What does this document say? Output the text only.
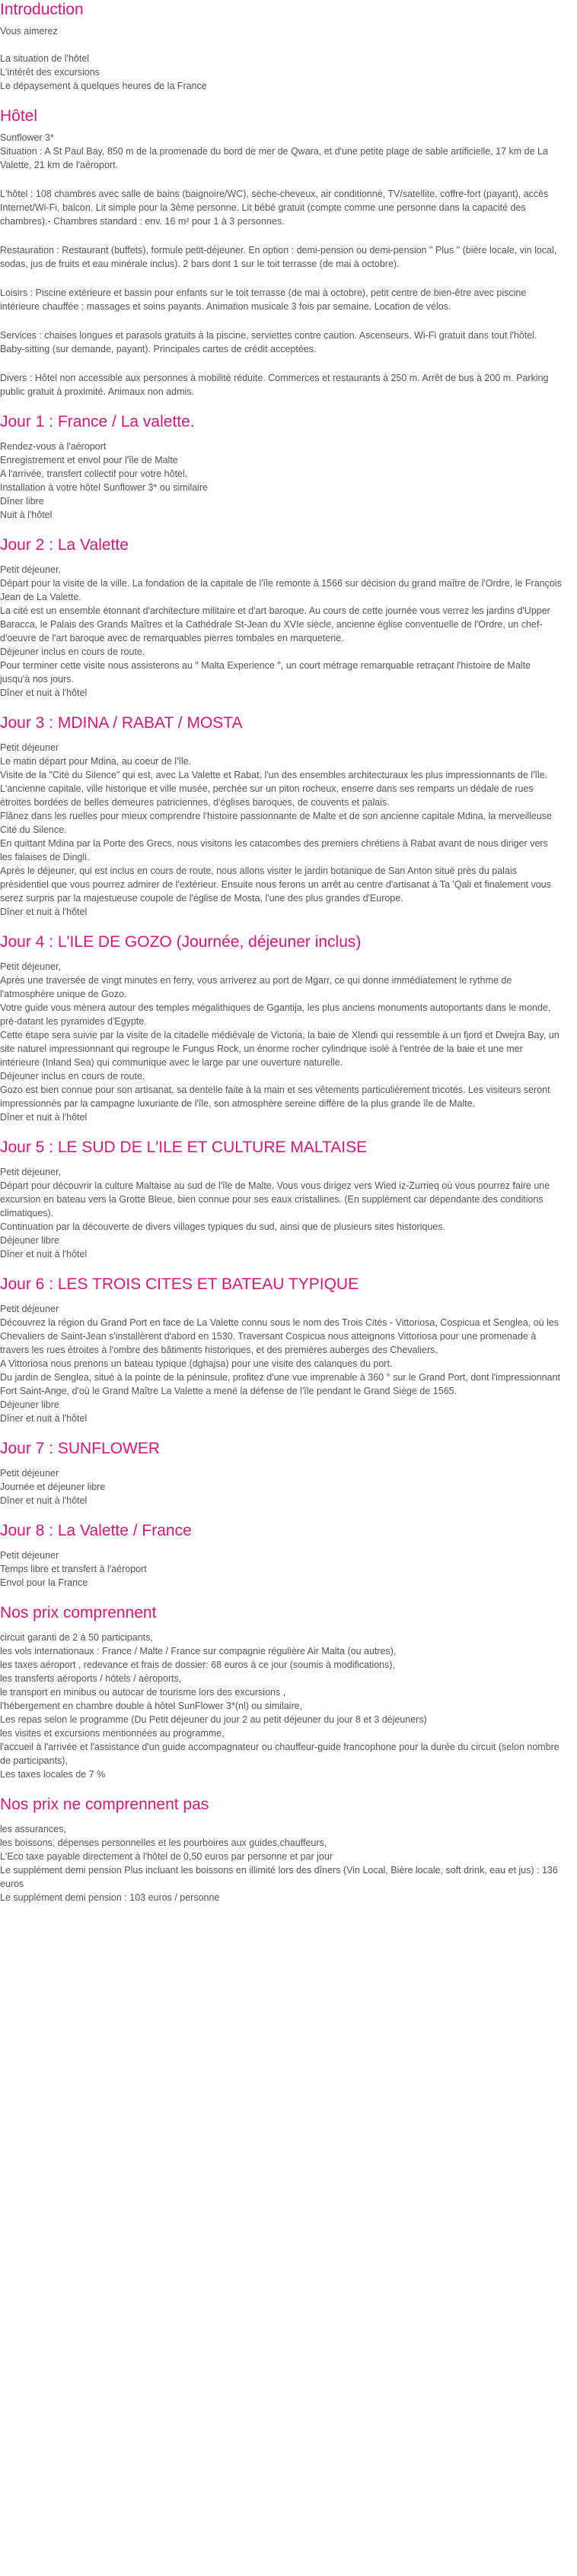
Introduction
Vous aimerez
La situation de l'hôtel
L'intérêt des excursions
Le dépaysement à quelques heures de la France
Hôtel

Sunflower 3*

Situation : A St Paul Bay, 850 m de la promenade du bord de mer de Qwara, et d'une petite plage de sable artificielle, 17 km de La Valette, 21 km de l'aéroport.

L'hôtel : 108 chambres avec salle de bains (baignoire/WC), sèche-cheveux, air conditionné, TV/satellite, coffre-fort (payant), accès Internet/Wi-Fi, balcon. Lit simple pour la 3ème personne. Lit bébé gratuit (compte comme une personne dans la capacité des chambres).- Chambres standard : env. 16 m² pour 1 à 3 personnes.

Restauration : Restaurant (buffets), formule petit-déjeuner. En option : demi-pension ou demi-pension " Plus " (bière locale, vin local, sodas, jus de fruits et eau minérale inclus). 2 bars dont 1 sur le toit terrasse (de mai à octobre).

Loisirs : Piscine extérieure et bassin pour enfants sur le toit terrasse (de mai à octobre), petit centre de bien-être avec piscine intérieure chauffée ; massages et soins payants. Animation musicale 3 fois par semaine. Location de vélos.

Services : chaises longues et parasols gratuits à la piscine, serviettes contre caution. Ascenseurs. Wi-Fi gratuit dans tout l'hôtel. Baby-sitting (sur demande, payant). Principales cartes de crédit acceptées.

Divers : Hôtel non accessible aux personnes à mobilité réduite. Commerces et restaurants à 250 m. Arrêt de bus à 200 m. Parking public gratuit à proximité. Animaux non admis.

Jour 1 : France / La valette.
Rendez-vous à l'aéroport
Enregistrement et envol pour l'île de Malte
A l'arrivée, transfert collectif pour votre hôtel.
Installation à votre hôtel Sunflower 3* ou similaire
Dîner libre
Nuit à l'hôtel
Jour 2 : La Valette
Petit déjeuner.
Départ pour la visite de la ville. La fondation de la capitale de l'île remonte à 1566 sur décision du grand maître de l'Ordre, le François Jean de La Valette.
La cité est un ensemble étonnant d'architecture militaire et d'art baroque. Au cours de cette journée vous verrez les jardins d'Upper Baracca, le Palais des Grands Maîtres et la Cathédrale St-Jean du XVIe siècle, ancienne église conventuelle de l'Ordre, un chef-d'oeuvre de l'art baroque avec de remarquables pierres tombales en marqueterie.
Déjeuner inclus en cours de route.
Pour terminer cette visite nous assisterons au " Malta Experience ", un court métrage remarquable retraçant l'histoire de Malte jusqu'à nos jours.
Dîner et nuit à l'hôtel
Jour 3 : MDINA / RABAT / MOSTA
Petit déjeuner
Le matin départ pour Mdina, au coeur de l'île.
Visite de la "Cité du Silence" qui est, avec La Valette et Rabat, l'un des ensembles architecturaux les plus impressionnants de l'île. L'ancienne capitale, ville historique et ville musée, perchée sur un piton rocheux, enserre dans ses remparts un dédale de rues étroites bordées de belles demeures patriciennes, d'églises baroques, de couvents et palais.
Flânez dans les ruelles pour mieux comprendre l'histoire passionnante de Malte et de son ancienne capitale Mdina, la merveilleuse Cité du Silence.
En quittant Mdina par la Porte des Grecs, nous visitons les catacombes des premiers chrétiens à Rabat avant de nous diriger vers les falaises de Dingli.
Après le déjeuner, qui est inclus en cours de route, nous allons visiter le jardin botanique de San Anton situé près du palais présidentiel que vous pourrez admirer de l'extérieur. Ensuite nous ferons un arrêt au centre d'artisanat à Ta 'Qali et finalement vous serez surpris par la majestueuse coupole de l'église de Mosta, l'une des plus grandes d'Europe.
Dîner et nuit à l'hôtel
Jour 4 : L'ILE DE GOZO (Journée, déjeuner inclus)
Petit déjeuner,
Après une traversée de vingt minutes en ferry, vous arriverez au port de Mgarr, ce qui donne immédiatement le rythme de l'atmosphère unique de Gozo.
Votre guide vous mènera autour des temples mégalithiques de Ggantija, les plus anciens monuments autoportants dans le monde, pré-datant les pyramides d'Egypte.
Cette étape sera suivie par la visite de la citadelle médiévale de Victoria, la baie de Xlendi qui ressemble à un fjord et Dwejra Bay, un site naturel impressionnant qui regroupe le Fungus Rock, un énorme rocher cylindrique isolé à l'entrée de la baie et une mer intérieure (Inland Sea) qui communique avec le large par une ouverture naturelle.
Déjeuner inclus en cours de route.
Gozo est bien connue pour son artisanat, sa dentelle faite à la main et ses vêtements particulièrement tricotés. Les visiteurs seront impressionnés par la campagne luxuriante de l'île, son atmosphère sereine diffère de la plus grande île de Malte.
Dîner et nuit à l'hôtel
Jour 5 : LE SUD DE L'ILE ET CULTURE MALTAISE
Petit déjeuner,
Départ pour découvrir la culture Maltaise au sud de l'île de Malte. Vous vous dirigez vers Wied iz-Zurrieq où vous pourrez faire une excursion en bateau vers la Grotte Bleue, bien connue pour ses eaux cristallines. (En supplément car dépendante des conditions climatiques).
Continuation par la découverte de divers villages typiques du sud, ainsi que de plusieurs sites historiques.
Déjeuner libre
Dîner et nuit à l'hôtel
Jour 6 : LES TROIS CITES ET BATEAU TYPIQUE
Petit déjeuner
Découvrez la région du Grand Port en face de La Valette connu sous le nom des Trois Cités - Vittoriosa, Cospicua et Senglea, où les Chevaliers de Saint-Jean s'installèrent d'abord en 1530. Traversant Cospicua nous atteignons Vittoriosa pour une promenade à travers les rues étroites à l'ombre des bâtiments historiques, et des premières auberges des Chevaliers.
A Vittoriosa nous prenons un bateau typique (dghajsa) pour une visite des calanques du port.
Du jardin de Senglea, situé à la pointe de la péninsule, profitez d'une vue imprenable à 360 ° sur le Grand Port, dont l'impressionnant Fort Saint-Ange, d'où le Grand Maître La Valette a mené la défense de l'île pendant le Grand Siège de 1565.
Déjeuner libre
Dîner et nuit à l'hôtel
Jour 7 : SUNFLOWER
Petit déjeuner
Journée et déjeuner libre
Dîner et nuit à l'hôtel
Jour 8 : La Valette / France
Petit déjeuner
Temps libre et transfert à l'aéroport
Envol pour la France
Nos prix comprennent
circuit garanti de 2 à 50 participants,
les vols internationaux : France / Malte / France sur compagnie régulière Air Malta (ou autres),
les taxes aéroport , redevance et frais de dossier: 68 euros à ce jour (soumis à modifications),
les transferts aéroports / hôtels / aéroports,
le transport en minibus ou autocar de tourisme lors des excursions ,
l'hébergement en chambre double à hôtel SunFlower 3*(nl) ou similaire,
Les repas selon le programme (Du Petit déjeuner du jour 2 au petit déjeuner du jour 8 et 3 déjeuners)
les visites et excursions mentionnées au programme,
l'accueil à l'arrivée et l'assistance d'un guide accompagnateur ou chauffeur-guide francophone pour la durée du circuit (selon nombre de participants),
Les taxes locales de 7 %
Nos prix ne comprennent pas
les assurances,
les boissons, dépenses personnelles et les pourboires aux guides,chauffeurs,
L'Eco taxe payable directement à l'hôtel de 0,50 euros par personne et par jour
Le supplément demi pension Plus incluant les boissons en illimité lors des dîners (Vin Local, Bière locale, soft drink, eau et jus) : 136 euros
Le supplément demi pension : 103 euros / personne
